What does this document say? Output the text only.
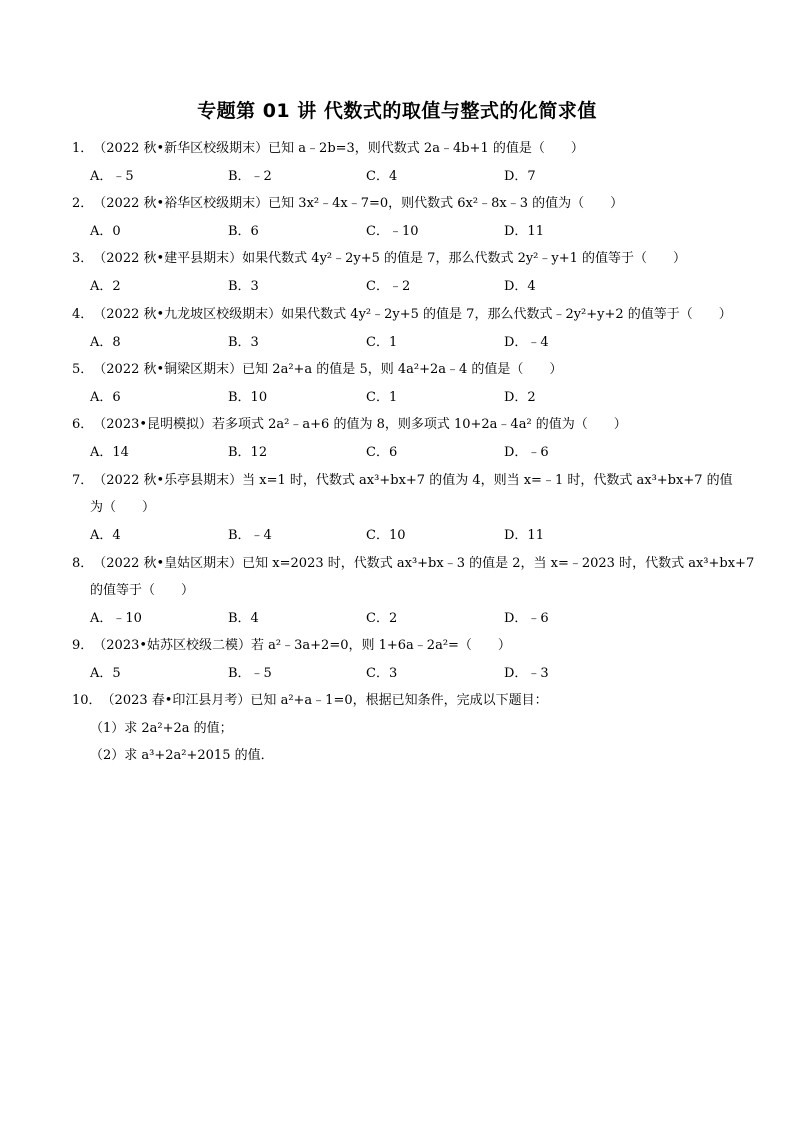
专题第 01 讲 代数式的取值与整式的化简求值
1．（2022 秋•新华区校级期末）已知 a﹣2b=3，则代数式 2a﹣4b+1 的值是（　　）
A．﹣5	B．﹣2	C．4	D．7
2．（2022 秋•裕华区校级期末）已知 3x²﹣4x﹣7=0，则代数式 6x²﹣8x﹣3 的值为（　　）
A．0	B．6	C．﹣10	D．11
3．（2022 秋•建平县期末）如果代数式 4y²﹣2y+5 的值是 7，那么代数式 2y²﹣y+1 的值等于（　　）
A．2	B．3	C．﹣2	D．4
4．（2022 秋•九龙坡区校级期末）如果代数式 4y²﹣2y+5 的值是 7，那么代数式﹣2y²+y+2 的值等于（　　）
A．8	B．3	C．1	D．﹣4
5．（2022 秋•铜梁区期末）已知 2a²+a 的值是 5，则 4a²+2a﹣4 的值是（　　）
A．6	B．10	C．1	D．2
6．（2023•昆明模拟）若多项式 2a²﹣a+6 的值为 8，则多项式 10+2a﹣4a² 的值为（　　）
A．14	B．12	C．6	D．﹣6
7．（2022 秋•乐亭县期末）当 x=1 时，代数式 ax³+bx+7 的值为 4，则当 x=﹣1 时，代数式 ax³+bx+7 的值
为（　　）
A．4	B．﹣4	C．10	D．11
8．（2022 秋•皇姑区期末）已知 x=2023 时，代数式 ax³+bx﹣3 的值是 2，当 x=﹣2023 时，代数式 ax³+bx+7
的值等于（　　）
A．﹣10	B．4	C．2	D．﹣6
9．（2023•姑苏区校级二模）若 a²﹣3a+2=0，则 1+6a﹣2a²=（　　）
A．5	B．﹣5	C．3	D．﹣3
10．（2023 春•印江县月考）已知 a²+a﹣1=0，根据已知条件，完成以下题目：
（1）求 2a²+2a 的值；
（2）求 a³+2a²+2015 的值．
